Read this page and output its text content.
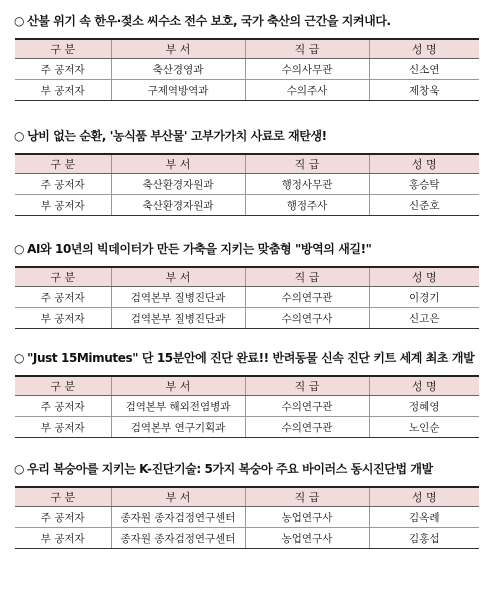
○ 산불 위기 속 한우·젖소 씨수소 전수 보호, 국가 축산의 근간을 지켜내다.
구 분	부 서	직 급	성 명
주 공저자	축산경영과	수의사무관	신소연
부 공저자	구제역방역과	수의주사	제창욱
○ 낭비 없는 순환, '농식품 부산물' 고부가가치 사료로 재탄생!
구 분	부 서	직 급	성 명
주 공저자	축산환경자원과	행정사무관	홍승탁
부 공저자	축산환경자원과	행정주사	신준호
○ AI와 10년의 빅데이터가 만든 가축을 지키는 맞춤형 "방역의 새길!"
구 분	부 서	직 급	성 명
주 공저자	검역본부 질병진단과	수의연구관	이경기
부 공저자	검역본부 질병진단과	수의연구사	신고은
○ "Just 15Mimutes" 단 15분안에 진단 완료!! 반려동물 신속 진단 키트 세계 최초 개발
구 분	부 서	직 급	성 명
주 공저자	검역본부 해외전염병과	수의연구관	정혜영
부 공저자	검역본부 연구기획과	수의연구관	노인순
○ 우리 복숭아를 지키는 K-진단기술: 5가지 복숭아 주요 바이러스 동시진단법 개발
구 분	부 서	직 급	성 명
주 공저자	종자원 종자검정연구센터	농업연구사	김옥례
부 공저자	종자원 종자검정연구센터	농업연구사	김홍섭
